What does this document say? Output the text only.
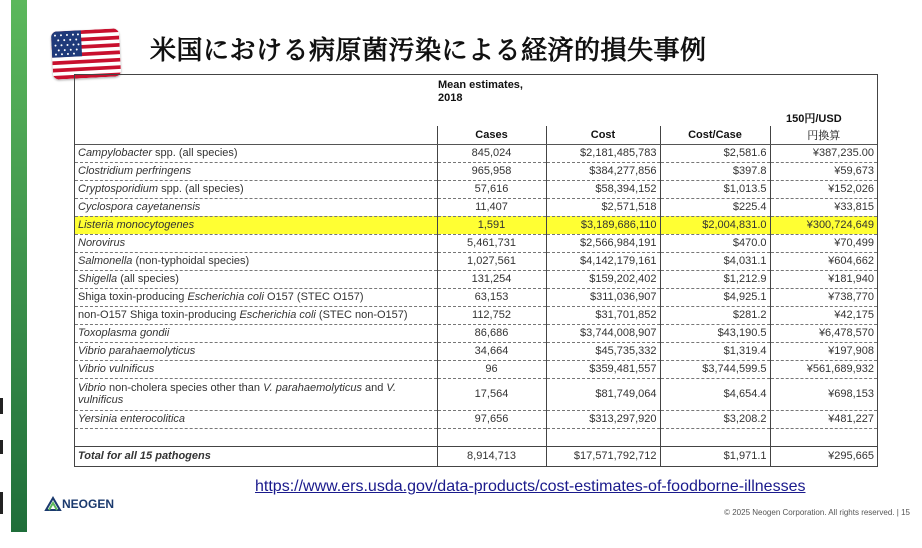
米国における病原菌汚染による経済的損失事例
Mean estimates,
2018
150円/USD
	Cases	Cost	Cost/Case	円換算
Campylobacter spp. (all species)	845,024	$2,181,485,783	$2,581.6	¥387,235.00
Clostridium perfringens	965,958	$384,277,856	$397.8	¥59,673
Cryptosporidium spp. (all species)	57,616	$58,394,152	$1,013.5	¥152,026
Cyclospora cayetanensis	11,407	$2,571,518	$225.4	¥33,815
Listeria monocytogenes	1,591	$3,189,686,110	$2,004,831.0	¥300,724,649
Norovirus	5,461,731	$2,566,984,191	$470.0	¥70,499
Salmonella (non-typhoidal species)	1,027,561	$4,142,179,161	$4,031.1	¥604,662
Shigella (all species)	131,254	$159,202,402	$1,212.9	¥181,940
Shiga toxin-producing Escherichia coli O157 (STEC O157)	63,153	$311,036,907	$4,925.1	¥738,770
non-O157 Shiga toxin-producing Escherichia coli (STEC non-O157)	112,752	$31,701,852	$281.2	¥42,175
Toxoplasma gondii	86,686	$3,744,008,907	$43,190.5	¥6,478,570
Vibrio parahaemolyticus	34,664	$45,735,332	$1,319.4	¥197,908
Vibrio vulnificus	96	$359,481,557	$3,744,599.5	¥561,689,932
Vibrio non-cholera species other than V. parahaemolyticus and V. vulnificus	17,564	$81,749,064	$4,654.4	¥698,153
Yersinia enterocolitica	97,656	$313,297,920	$3,208.2	¥481,227

Total for all 15 pathogens	8,914,713	$17,571,792,712	$1,971.1	¥295,665
https://www.ers.usda.gov/data-products/cost-estimates-of-foodborne-illnesses
NEOGEN
© 2025 Neogen Corporation. All rights reserved. | 15
